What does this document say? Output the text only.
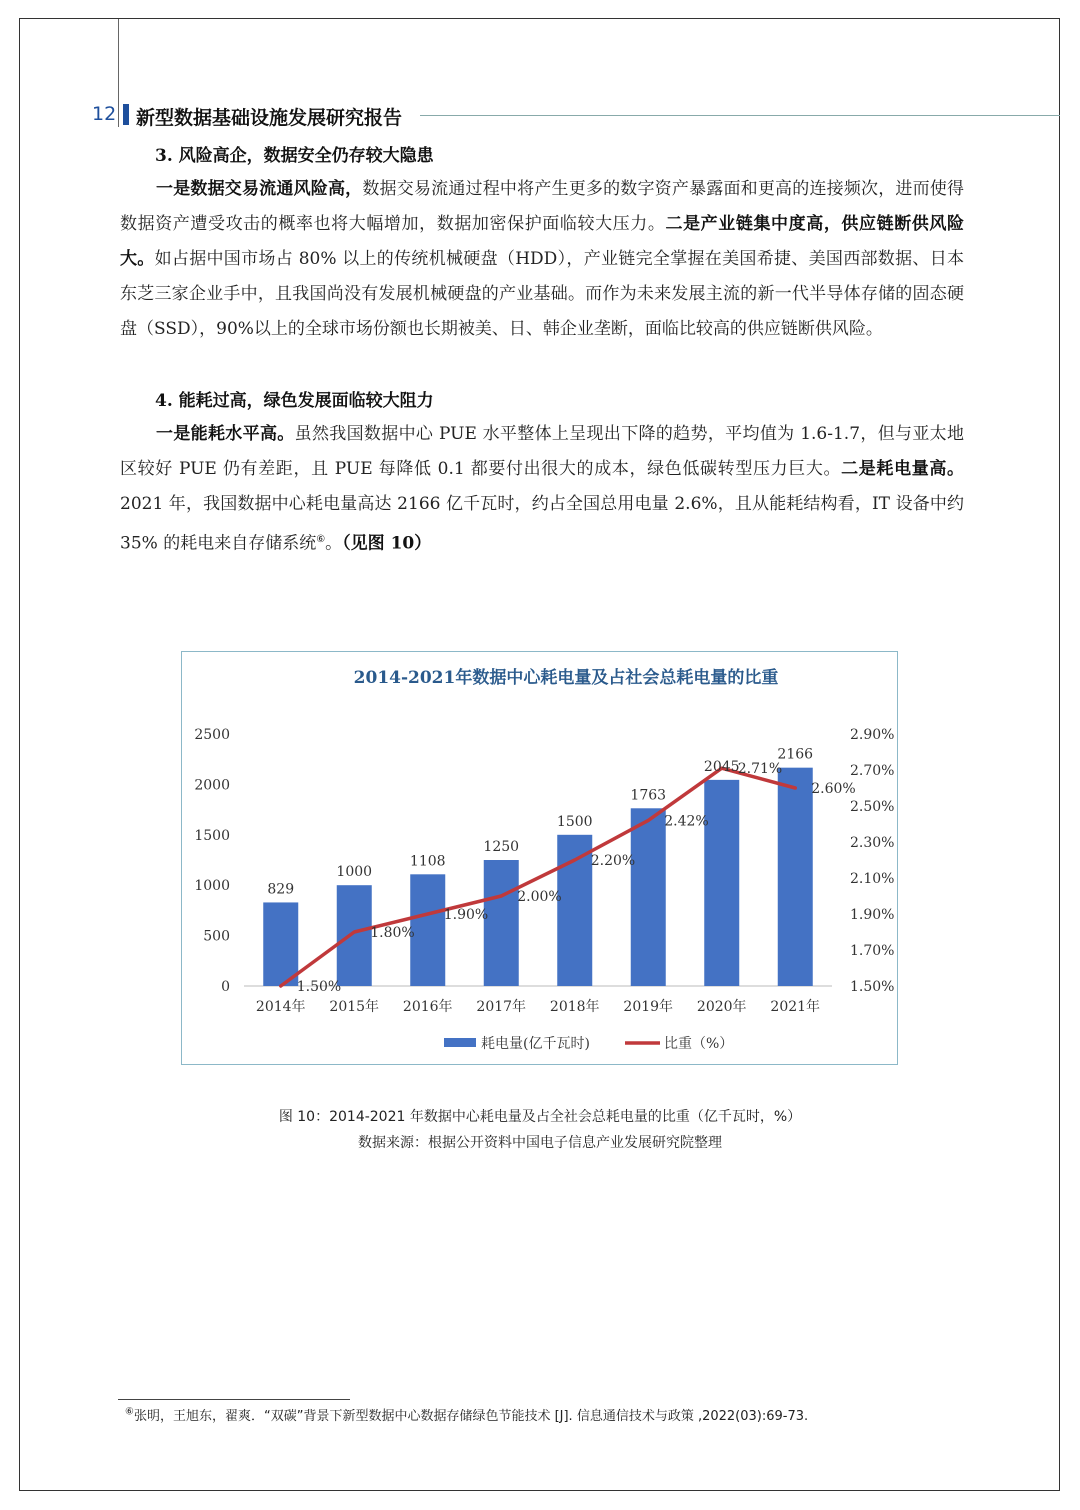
12 新型数据基础设施发展研究报告
3. 风险高企，数据安全仍存较大隐患

一是数据交易流通风险高，数据交易流通过程中将产生更多的数字资产暴露面和更高的连接频次，进而使得数据资产遭受攻击的概率也将大幅增加，数据加密保护面临较大压力。二是产业链集中度高，供应链断供风险大。如占据中国市场占 80% 以上的传统机械硬盘（HDD），产业链完全掌握在美国希捷、美国西部数据、日本东芝三家企业手中，且我国尚没有发展机械硬盘的产业基础。而作为未来发展主流的新一代半导体存储的固态硬盘（SSD），90%以上的全球市场份额也长期被美、日、韩企业垄断，面临比较高的供应链断供风险。

4. 能耗过高，绿色发展面临较大阻力

一是能耗水平高。虽然我国数据中心 PUE 水平整体上呈现出下降的趋势，平均值为 1.6-1.7，但与亚太地区较好 PUE 仍有差距，且 PUE 每降低 0.1 都要付出很大的成本，绿色低碳转型压力巨大。二是耗电量高。2021 年，我国数据中心耗电量高达 2166 亿千瓦时，约占全国总用电量 2.6%，且从能耗结构看，IT 设备中约 35% 的耗电来自存储系统⑥。（见图 10）

2014-2021年数据中心耗电量及占社会总耗电量的比重
0
500
1000
1500
2000
2500
1.50%
1.70%
1.90%
2.10%
2.30%
2.50%
2.70%
2.90%
829
1000
1108
1250
1500
1763
2045
2166
1.50%
1.80%
1.90%
2.00%
2.20%
2.42%
2.71%
2.60%
2014年 2015年 2016年 2017年 2018年 2019年 2020年 2021年
耗电量(亿千瓦时)	比重（%）
图 10：2014-2021 年数据中心耗电量及占全社会总耗电量的比重（亿千瓦时，%）
数据来源：根据公开资料中国电子信息产业发展研究院整理
⑥张明，王旭东，翟爽．“双碳”背景下新型数据中心数据存储绿色节能技术 [J]. 信息通信技术与政策 ,2022(03):69-73.
